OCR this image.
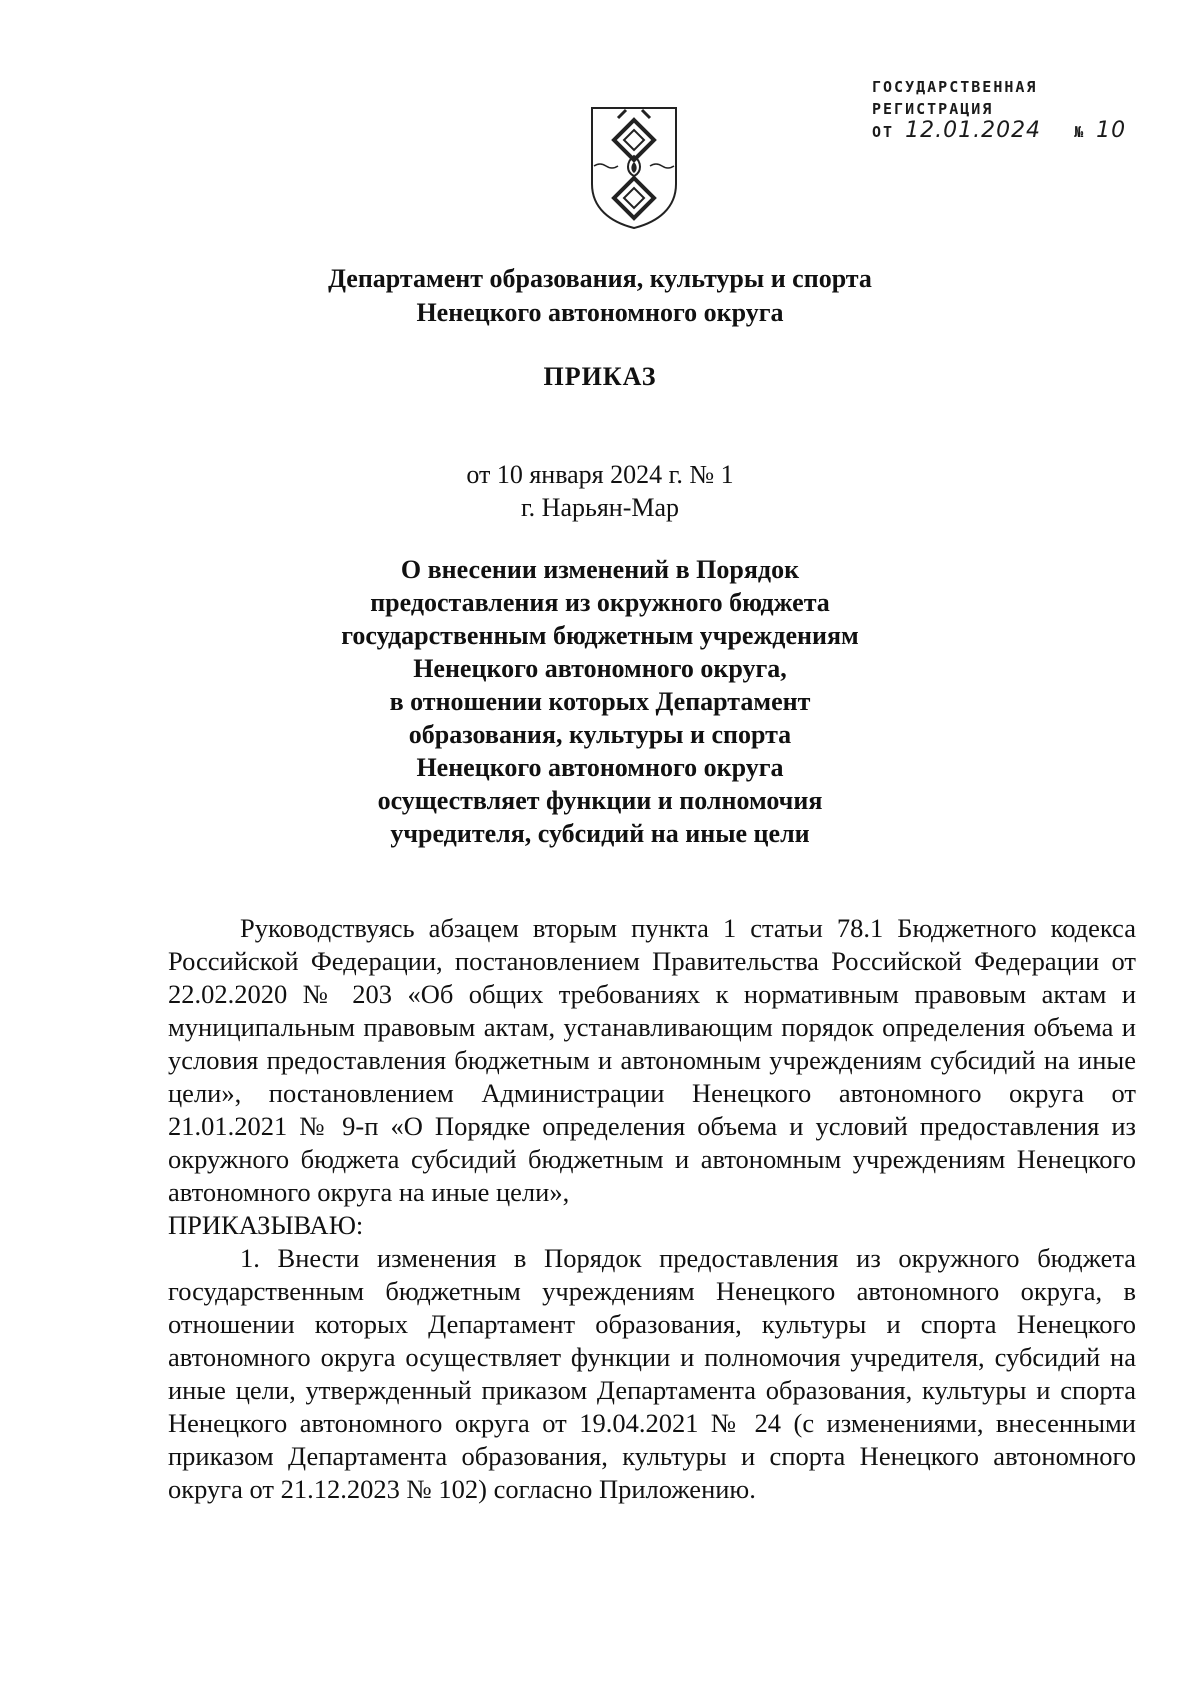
ГОСУДАРСТВЕННАЯ
РЕГИСТРАЦИЯ
ОТ 12.01.2024 № 10
Департамент образования, культуры и спорта
Ненецкого автономного округа
ПРИКАЗ
от 10 января 2024 г. № 1
г. Нарьян-Мар
О внесении изменений в Порядок
предоставления из окружного бюджета
государственным бюджетным учреждениям
Ненецкого автономного округа,
в отношении которых Департамент
образования, культуры и спорта
Ненецкого автономного округа
осуществляет функции и полномочия
учредителя, субсидий на иные цели

Руководствуясь абзацем вторым пункта 1 статьи 78.1 Бюджетного кодекса Российской Федерации, постановлением Правительства Российской Федерации от 22.02.2020 № 203 «Об общих требованиях к нормативным правовым актам и муниципальным правовым актам, устанавливающим порядок определения объема и условия предоставления бюджетным и автономным учреждениям субсидий на иные цели», постановлением Администрации Ненецкого автономного округа от 21.01.2021 № 9-п «О Порядке определения объема и условий предоставления из окружного бюджета субсидий бюджетным и автономным учреждениям Ненецкого автономного округа на иные цели»,

ПРИКАЗЫВАЮ:

1. Внести изменения в Порядок предоставления из окружного бюджета государственным бюджетным учреждениям Ненецкого автономного округа, в отношении которых Департамент образования, культуры и спорта Ненецкого автономного округа осуществляет функции и полномочия учредителя, субсидий на иные цели, утвержденный приказом Департамента образования, культуры и спорта Ненецкого автономного округа от 19.04.2021 № 24 (с изменениями, внесенными приказом Департамента образования, культуры и спорта Ненецкого автономного округа от 21.12.2023 № 102) согласно Приложению.
